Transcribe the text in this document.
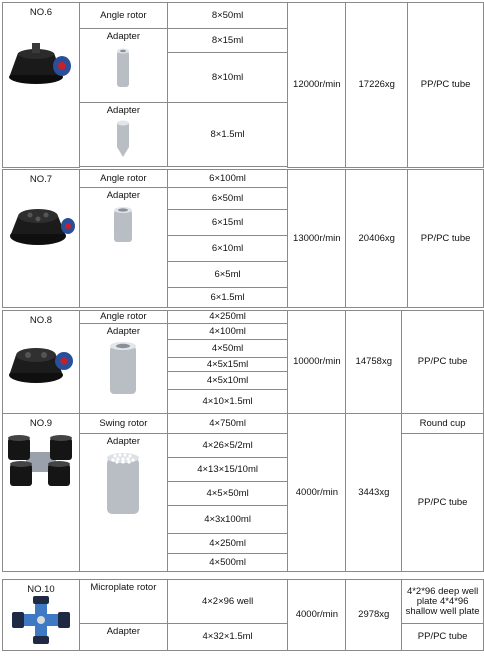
NO.6	Angle rotor	8×50ml	12000r/min	17226xg	PP/PC tube
	Adapter	8×15ml			
		8×10ml			
	Adapter	8×1.5ml			

NO.7	Angle rotor	6×100ml	13000r/min	20406xg	PP/PC tube
	Adapter	6×50ml			
		6×15ml			
		6×10ml			
		6×5ml			
		6×1.5ml			
NO.8	Angle rotor	4×250ml	10000r/min	14758xg	PP/PC tube
	Adapter	4×100ml			
		4×50ml			
		4×5x15ml			
		4×5x10ml			
		4×10×1.5ml			
NO.9	Swing rotor	4×750ml	4000r/min	3443xg	Round cup
	Adapter	4×26×5/2ml			PP/PC tube
		4×13×15/10ml			
		4×5×50ml			
		4×3x100ml			
		4×250ml			
		4×500ml			
NO.10	Microplate rotor	4×2×96 well	4000r/min	2978xg	4*2*96 deep well plate 4*4*96 shallow well plate
	Adapter	4×32×1.5ml			PP/PC tube
